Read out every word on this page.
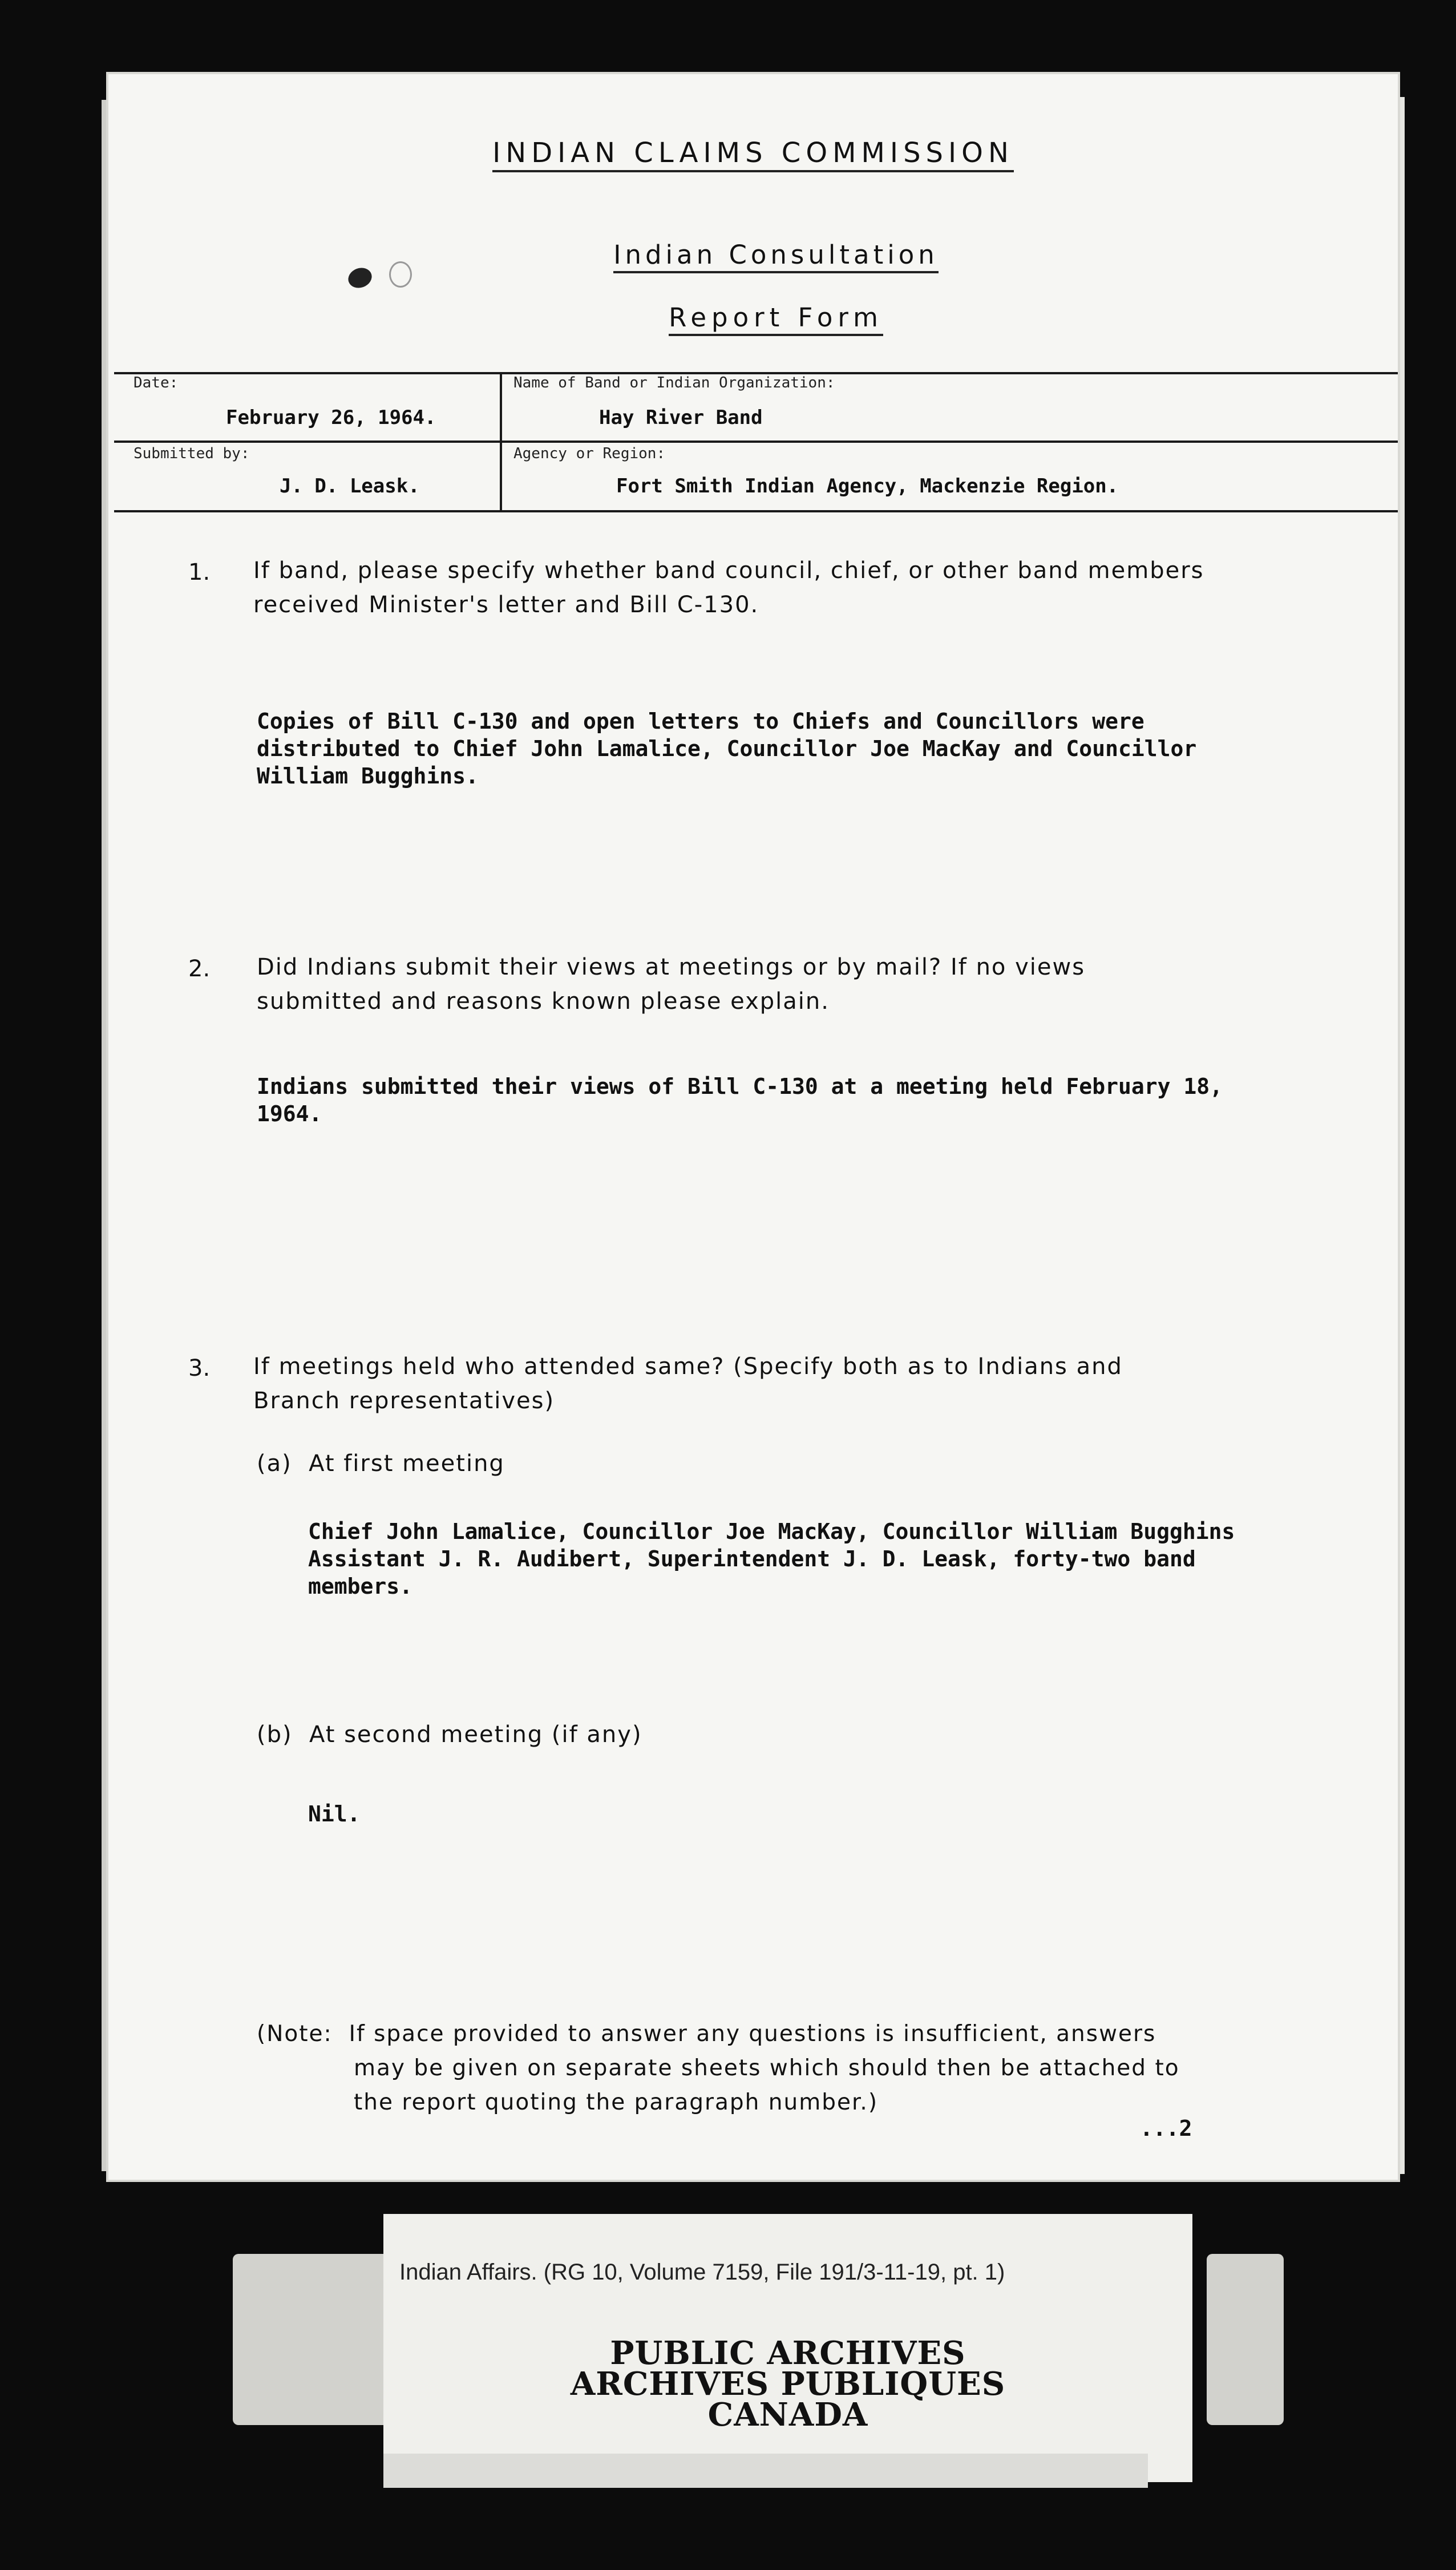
INDIAN CLAIMS COMMISSION
Indian Consultation
Report Form
Date:
February 26, 1964.
Name of Band or Indian Organization:
Hay River Band
Submitted by:
J. D. Leask.
Agency or Region:
Fort Smith Indian Agency, Mackenzie Region.
1. If band, please specify whether band council, chief, or other band members
received Minister's letter and Bill C-130.
Copies of Bill C-130 and open letters to Chiefs and Councillors were
distributed to Chief John Lamalice, Councillor Joe MacKay and Councillor
William Bugghins.
2. Did Indians submit their views at meetings or by mail? If no views
submitted and reasons known please explain.
Indians submitted their views of Bill C-130 at a meeting held February 18,
1964.
3. If meetings held who attended same? (Specify both as to Indians and
Branch representatives)
(a)  At first meeting
Chief John Lamalice, Councillor Joe MacKay, Councillor William Bugghins
Assistant J. R. Audibert, Superintendent J. D. Leask, forty-two band
members.
(b)  At second meeting (if any)
Nil.
(Note:  If space provided to answer any questions is insufficient, answers
may be given on separate sheets which should then be attached to
the report quoting the paragraph number.)
...2
Indian Affairs. (RG 10, Volume 7159, File 191/3-11-19, pt. 1)
PUBLIC ARCHIVES
ARCHIVES PUBLIQUES
CANADA
